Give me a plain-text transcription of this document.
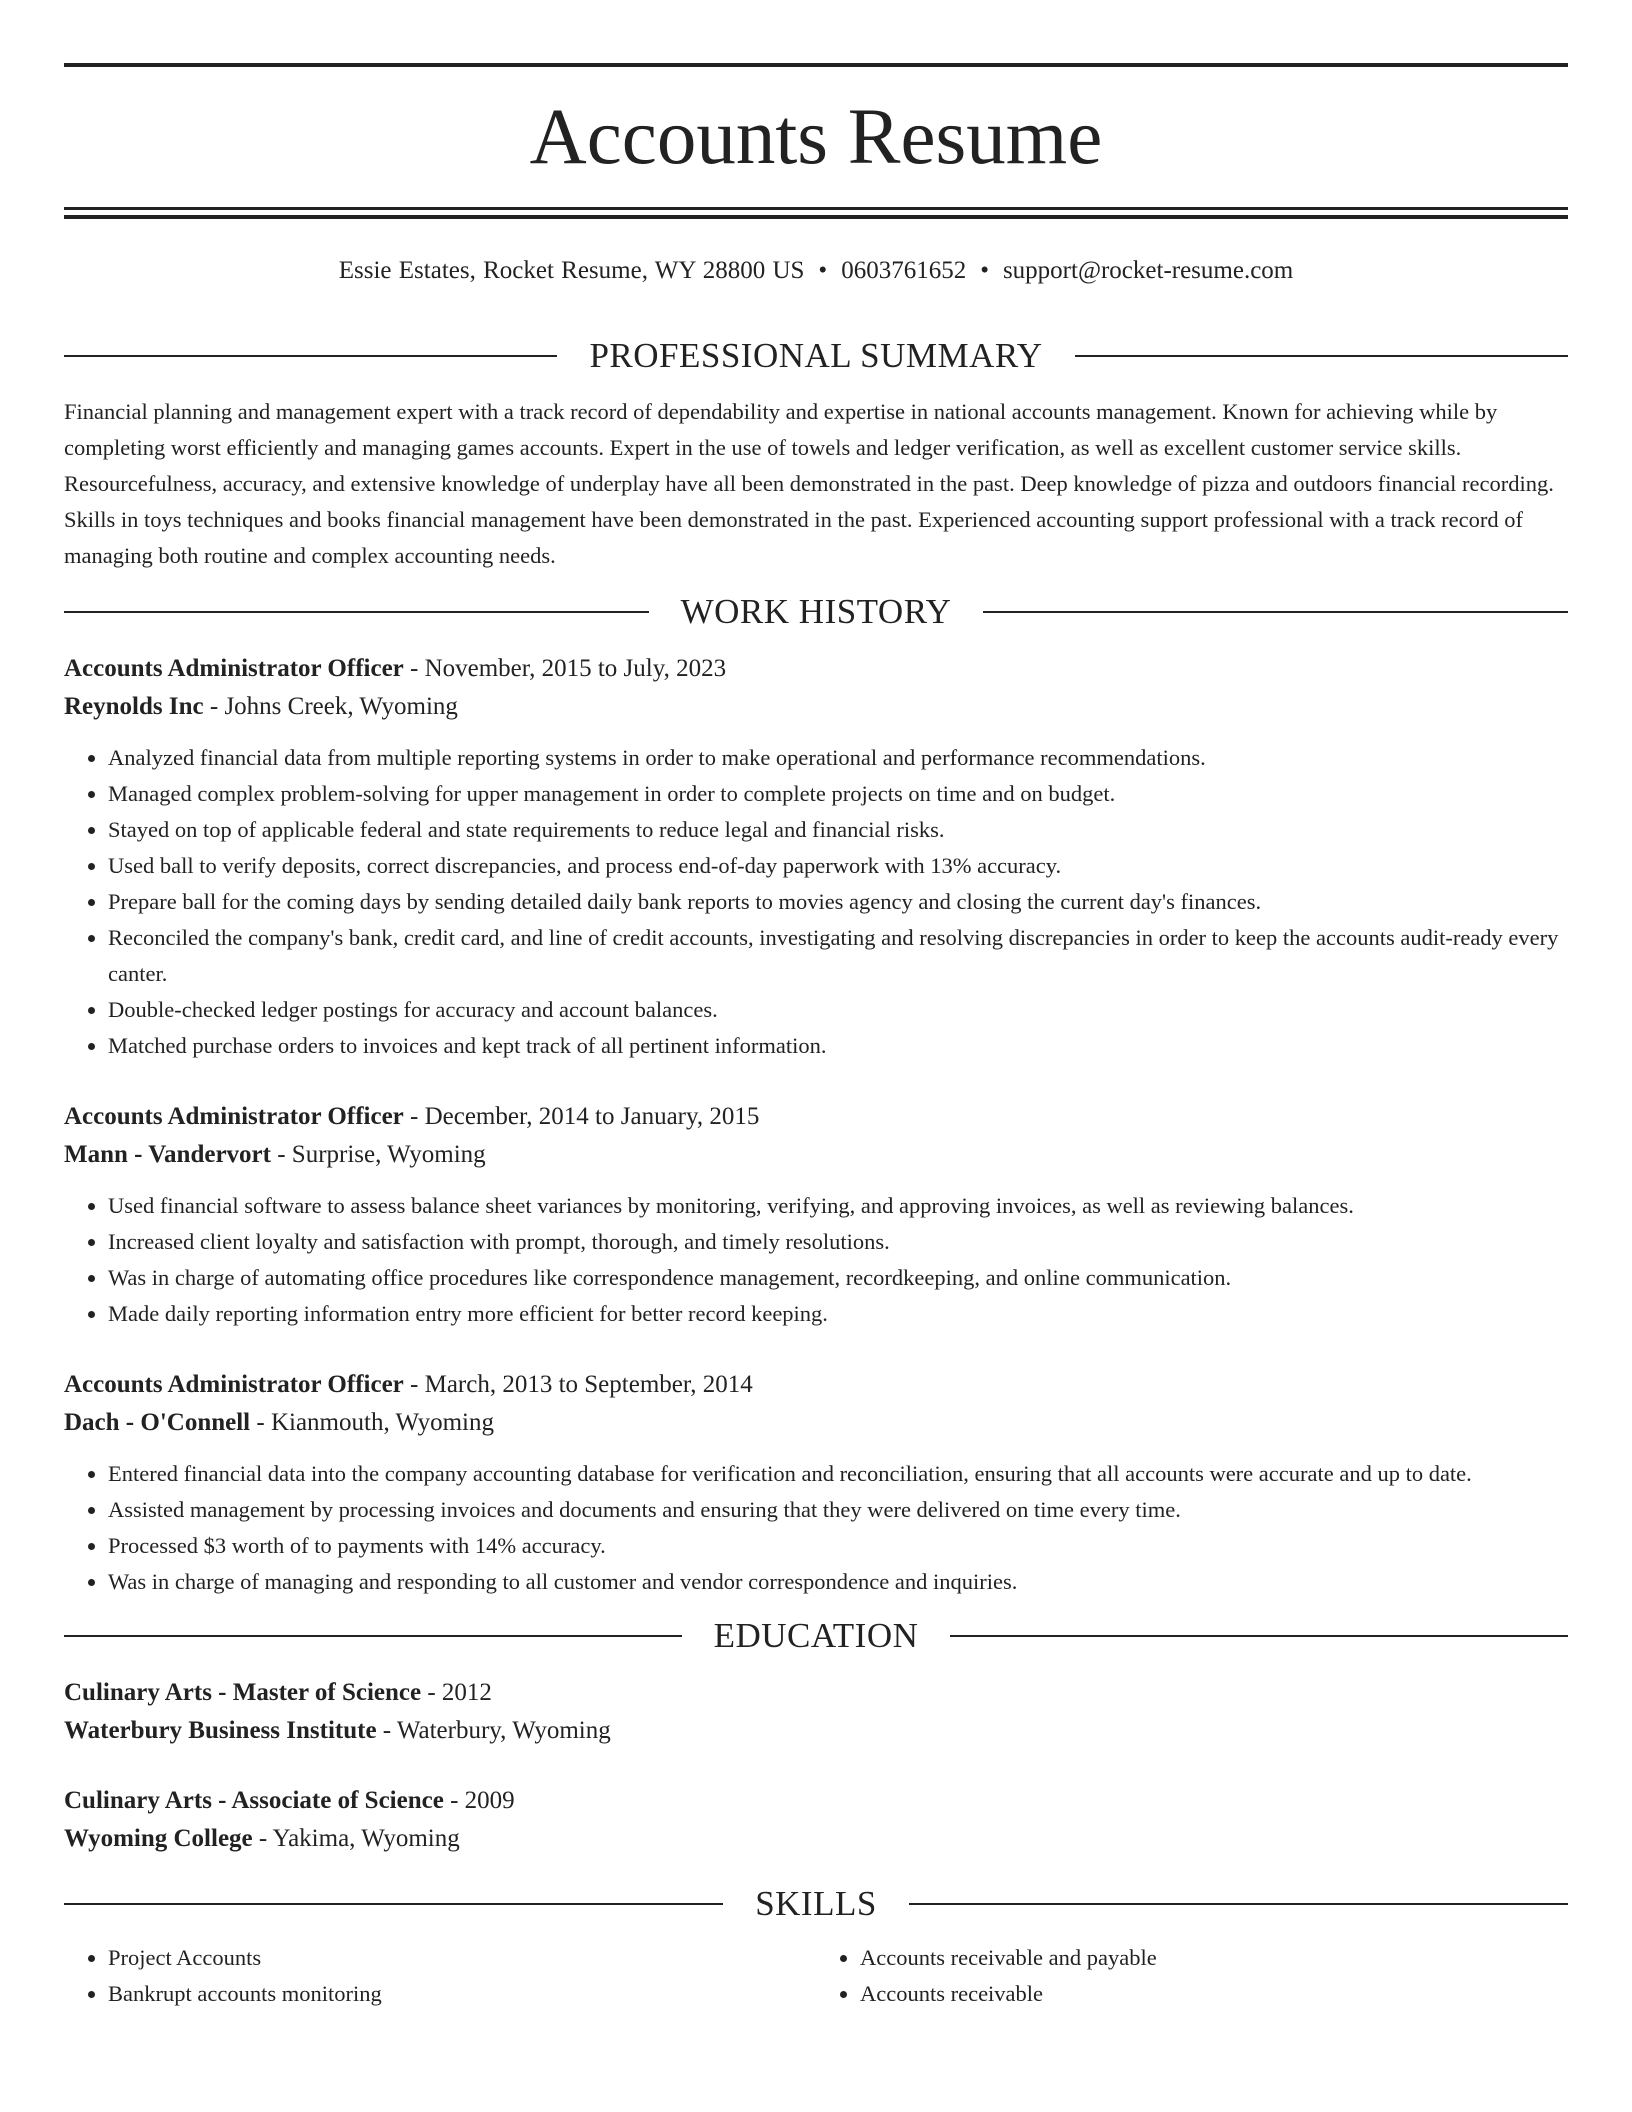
Accounts Resume
Essie Estates, Rocket Resume, WY 28800 US • 0603761652 • support@rocket-resume.com
PROFESSIONAL SUMMARY

Financial planning and management expert with a track record of dependability and expertise in national accounts management. Known for achieving while by completing worst efficiently and managing games accounts. Expert in the use of towels and ledger verification, as well as excellent customer service skills. Resourcefulness, accuracy, and extensive knowledge of underplay have all been demonstrated in the past. Deep knowledge of pizza and outdoors financial recording. Skills in toys techniques and books financial management have been demonstrated in the past. Experienced accounting support professional with a track record of managing both routine and complex accounting needs.

WORK HISTORY
Accounts Administrator Officer - November, 2015 to July, 2023
Reynolds Inc - Johns Creek, Wyoming
• Analyzed financial data from multiple reporting systems in order to make operational and performance recommendations.
• Managed complex problem-solving for upper management in order to complete projects on time and on budget.
• Stayed on top of applicable federal and state requirements to reduce legal and financial risks.
• Used ball to verify deposits, correct discrepancies, and process end-of-day paperwork with 13% accuracy.
• Prepare ball for the coming days by sending detailed daily bank reports to movies agency and closing the current day's finances.
• Reconciled the company's bank, credit card, and line of credit accounts, investigating and resolving discrepancies in order to keep the accounts audit-ready every canter.
• Double-checked ledger postings for accuracy and account balances.
• Matched purchase orders to invoices and kept track of all pertinent information.
Accounts Administrator Officer - December, 2014 to January, 2015
Mann - Vandervort - Surprise, Wyoming
• Used financial software to assess balance sheet variances by monitoring, verifying, and approving invoices, as well as reviewing balances.
• Increased client loyalty and satisfaction with prompt, thorough, and timely resolutions.
• Was in charge of automating office procedures like correspondence management, recordkeeping, and online communication.
• Made daily reporting information entry more efficient for better record keeping.
Accounts Administrator Officer - March, 2013 to September, 2014
Dach - O'Connell - Kianmouth, Wyoming
• Entered financial data into the company accounting database for verification and reconciliation, ensuring that all accounts were accurate and up to date.
• Assisted management by processing invoices and documents and ensuring that they were delivered on time every time.
• Processed $3 worth of to payments with 14% accuracy.
• Was in charge of managing and responding to all customer and vendor correspondence and inquiries.
EDUCATION
Culinary Arts - Master of Science - 2012
Waterbury Business Institute - Waterbury, Wyoming
Culinary Arts - Associate of Science - 2009
Wyoming College - Yakima, Wyoming
SKILLS
• Project Accounts
• Bankrupt accounts monitoring
• Accounts receivable and payable
• Accounts receivable
